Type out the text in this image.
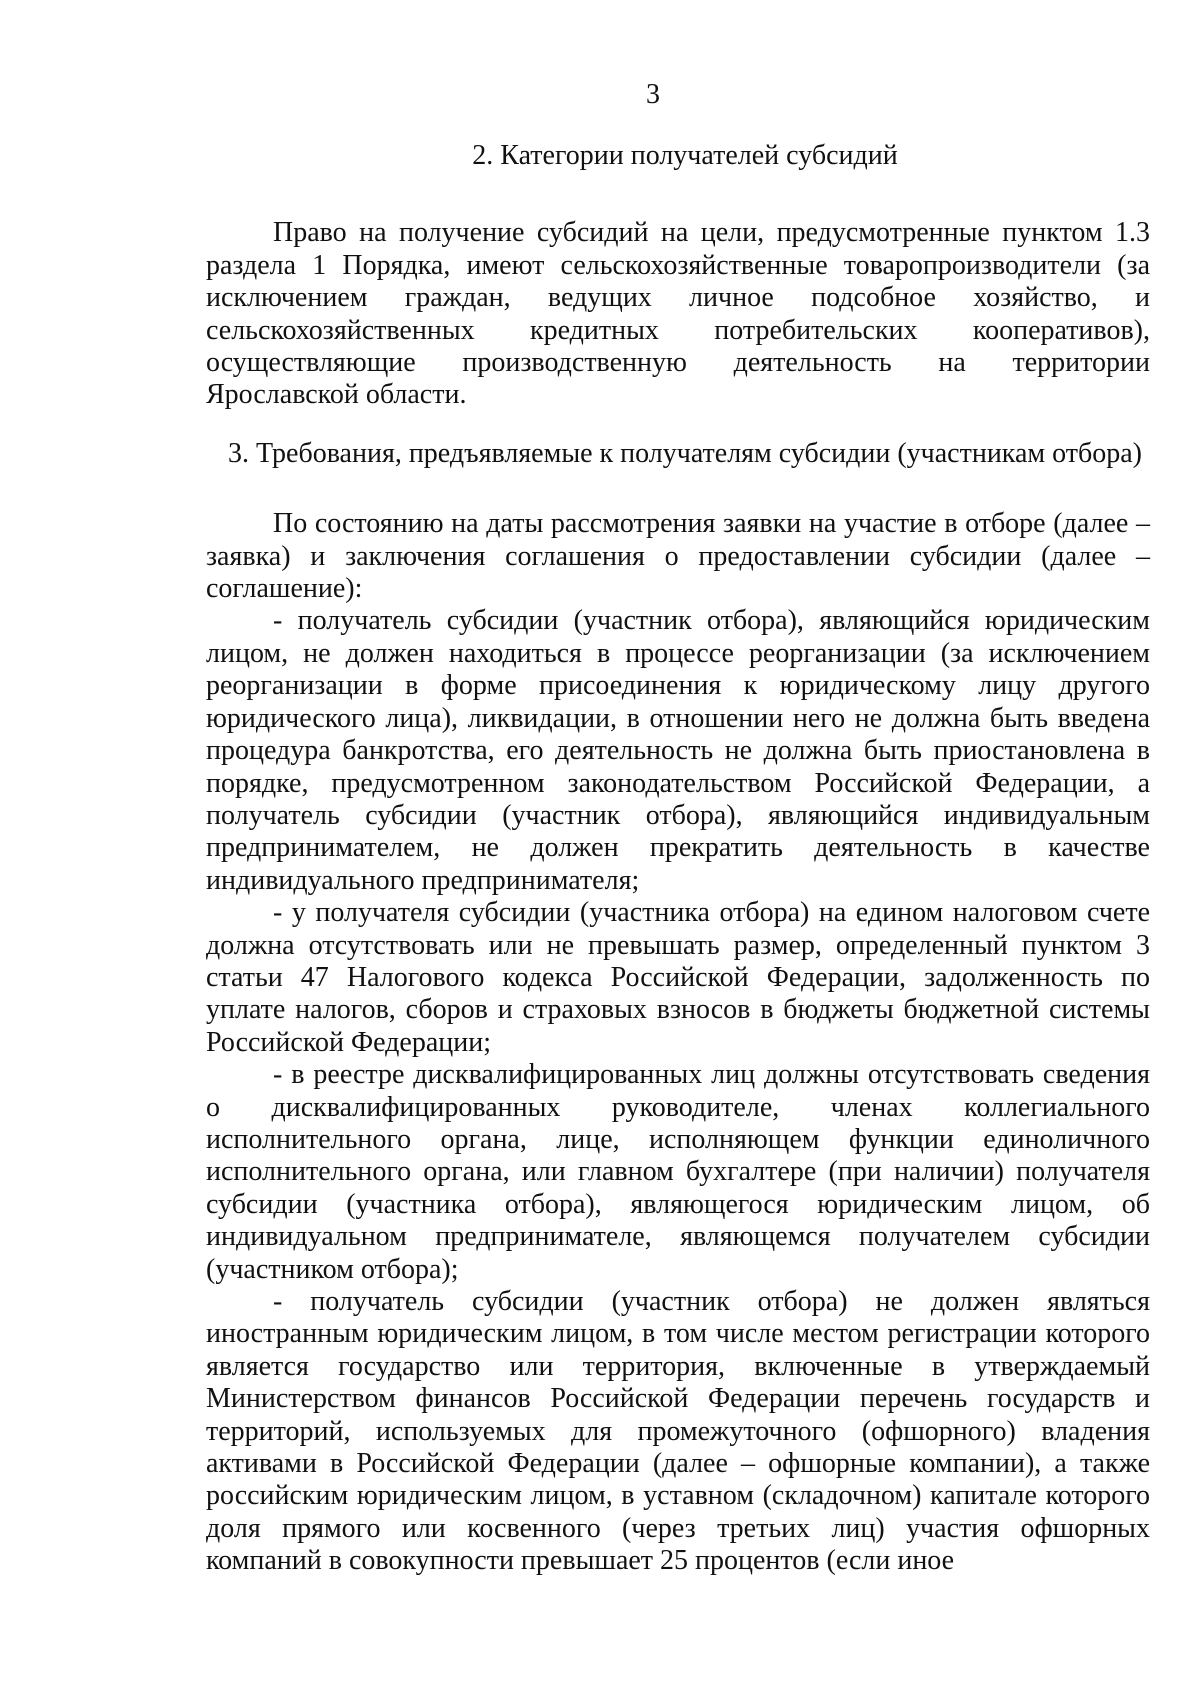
3
2. Категории получателей субсидий

Право на получение субсидий на цели, предусмотренные пунктом 1.3 раздела 1 Порядка, имеют сельскохозяйственные товаропроизводители (за исключением граждан, ведущих личное подсобное хозяйство, и сельскохозяйственных кредитных потребительских кооперативов), осуществляющие производственную деятельность на территории Ярославской области.

3. Требования, предъявляемые к получателям субсидии (участникам отбора)

По состоянию на даты рассмотрения заявки на участие в отборе (далее – заявка) и заключения соглашения о предоставлении субсидии (далее – соглашение):

- получатель субсидии (участник отбора), являющийся юридическим лицом, не должен находиться в процессе реорганизации (за исключением реорганизации в форме присоединения к юридическому лицу другого юридического лица), ликвидации, в отношении него не должна быть введена процедура банкротства, его деятельность не должна быть приостановлена в порядке, предусмотренном законодательством Российской Федерации, а получатель субсидии (участник отбора), являющийся индивидуальным предпринимателем, не должен прекратить деятельность в качестве индивидуального предпринимателя;

- у получателя субсидии (участника отбора) на едином налоговом счете должна отсутствовать или не превышать размер, определенный пунктом 3 статьи 47 Налогового кодекса Российской Федерации, задолженность по уплате налогов, сборов и страховых взносов в бюджеты бюджетной системы Российской Федерации;

- в реестре дисквалифицированных лиц должны отсутствовать сведения о дисквалифицированных руководителе, членах коллегиального исполнительного органа, лице, исполняющем функции единоличного исполнительного органа, или главном бухгалтере (при наличии) получателя субсидии (участника отбора), являющегося юридическим лицом, об индивидуальном предпринимателе, являющемся получателем субсидии (участником отбора);

- получатель субсидии (участник отбора) не должен являться иностранным юридическим лицом, в том числе местом регистрации которого является государство или территория, включенные в утверждаемый Министерством финансов Российской Федерации перечень государств и территорий, используемых для промежуточного (офшорного) владения активами в Российской Федерации (далее – офшорные компании), а также российским юридическим лицом, в уставном (складочном) капитале которого доля прямого или косвенного (через третьих лиц) участия офшорных компаний в совокупности превышает 25 процентов (если иное
